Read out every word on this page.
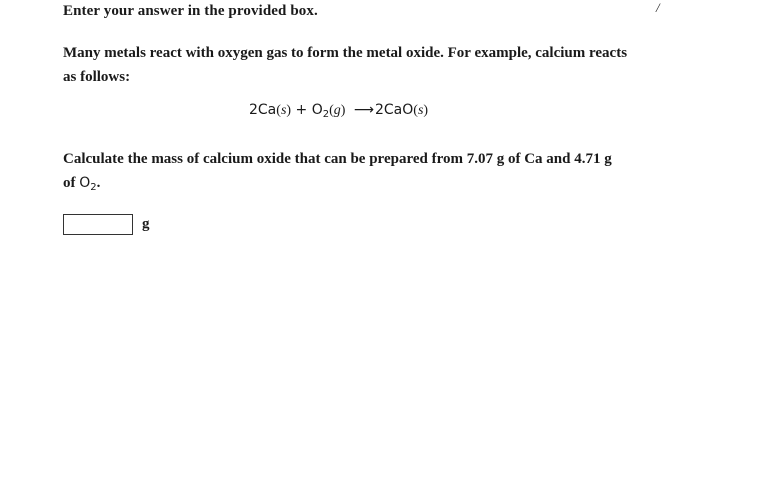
Enter your answer in the provided box.	/
Many metals react with oxygen gas to form the metal oxide. For example, calcium reacts as follows:
$2Ca(s) + O_2(g)$ ⟶2CaO(s)
Calculate the mass of calcium oxide that can be prepared from 7.07 g of Ca and 4.71 g of $O_2$.
g
